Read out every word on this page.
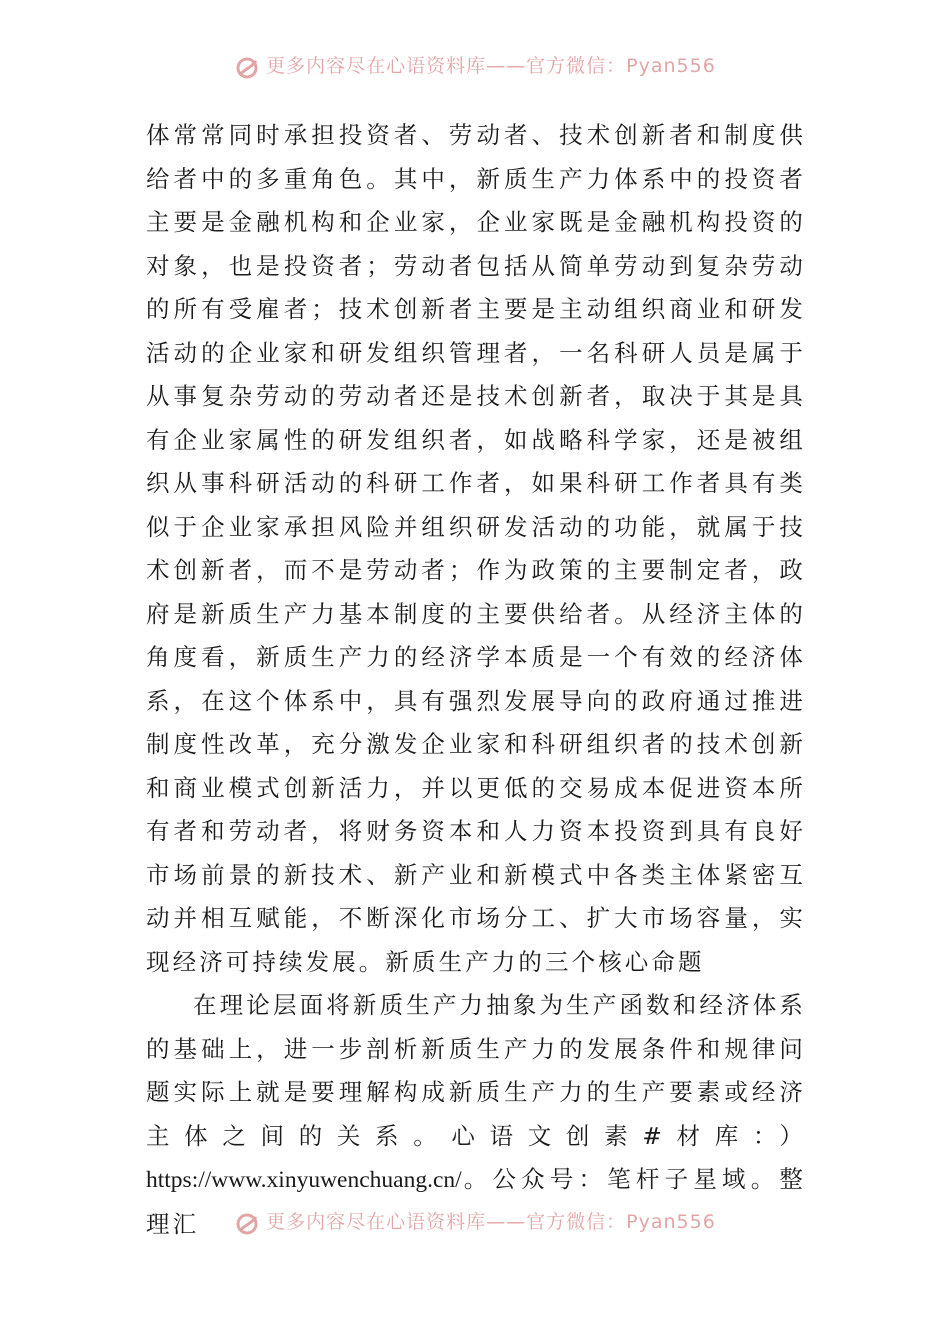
更多内容尽在心语资料库——官方微信：Pyan556

体常常同时承担投资者、劳动者、技术创新者和制度供给者中的多重角色。其中，新质生产力体系中的投资者主要是金融机构和企业家，企业家既是金融机构投资的对象，也是投资者；劳动者包括从简单劳动到复杂劳动的所有受雇者；技术创新者主要是主动组织商业和研发活动的企业家和研发组织管理者，一名科研人员是属于从事复杂劳动的劳动者还是技术创新者，取决于其是具有企业家属性的研发组织者，如战略科学家，还是被组织从事科研活动的科研工作者，如果科研工作者具有类似于企业家承担风险并组织研发活动的功能，就属于技术创新者，而不是劳动者；作为政策的主要制定者，政府是新质生产力基本制度的主要供给者。从经济主体的角度看，新质生产力的经济学本质是一个有效的经济体系，在这个体系中，具有强烈发展导向的政府通过推进制度性改革，充分激发企业家和科研组织者的技术创新和商业模式创新活力，并以更低的交易成本促进资本所有者和劳动者，将财务资本和人力资本投资到具有良好市场前景的新技术、新产业和新模式中各类主体紧密互动并相互赋能，不断深化市场分工、扩大市场容量，实现经济可持续发展。新质生产力的三个核心命题

在理论层面将新质生产力抽象为生产函数和经济体系的基础上，进一步剖析新质生产力的发展条件和规律问题实际上就是要理解构成新质生产力的生产要素或经济主体之间的关系。心语文创素#材库：）https://www.xinyuwenchuang.cn/。公众号：笔杆子星域。整理汇	更多内容尽在心语资料库——官方微信：Pyan556
